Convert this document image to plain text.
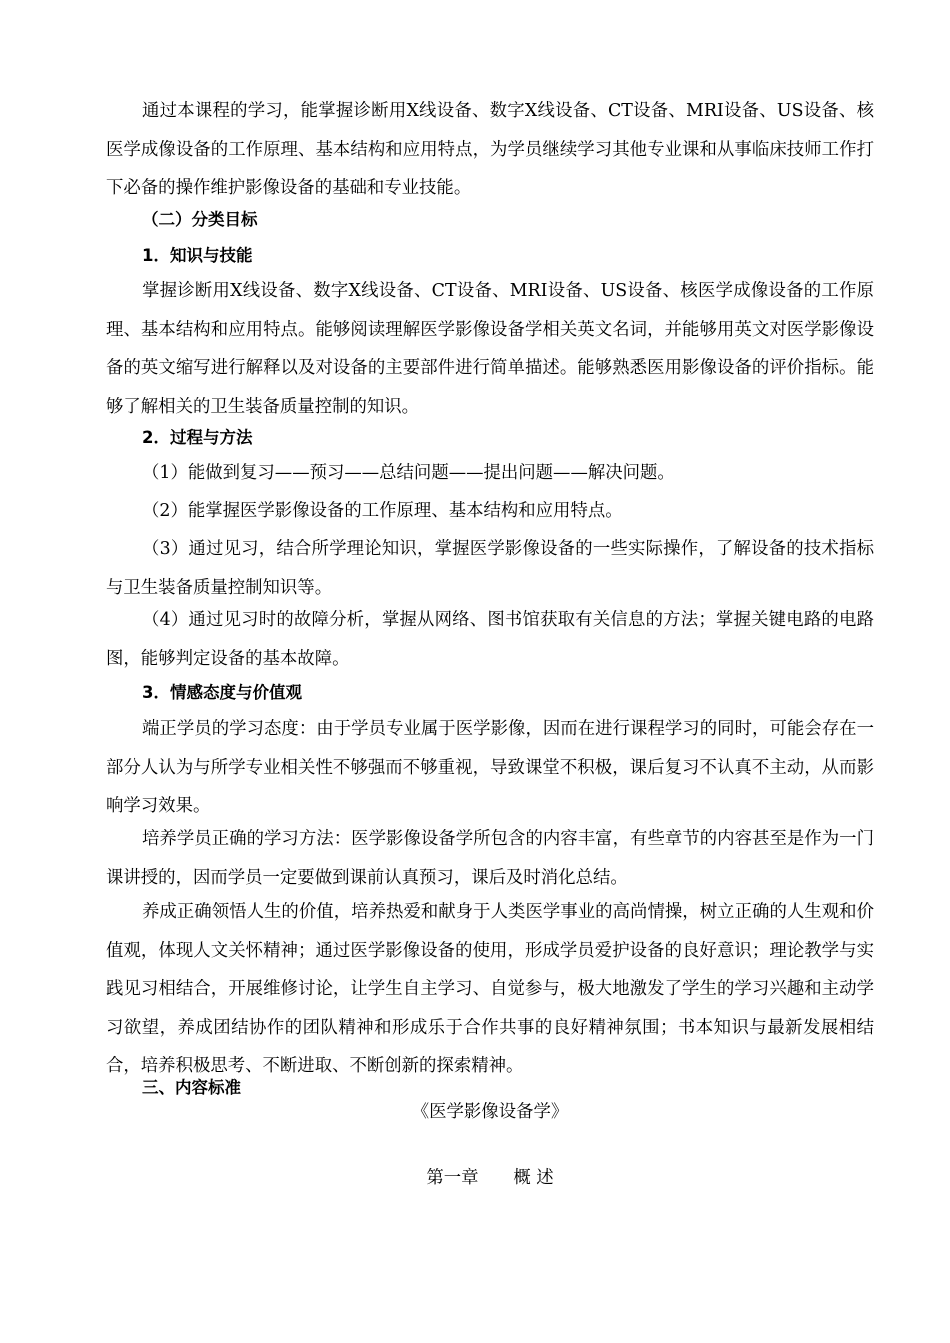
通过本课程的学习，能掌握诊断用X线设备、数字X线设备、CT设备、MRI设备、US设备、核医学成像设备的工作原理、基本结构和应用特点，为学员继续学习其他专业课和从事临床技师工作打下必备的操作维护影像设备的基础和专业技能。

（二）分类目标

1．知识与技能

掌握诊断用X线设备、数字X线设备、CT设备、MRI设备、US设备、核医学成像设备的工作原理、基本结构和应用特点。能够阅读理解医学影像设备学相关英文名词，并能够用英文对医学影像设备的英文缩写进行解释以及对设备的主要部件进行简单描述。能够熟悉医用影像设备的评价指标。能够了解相关的卫生装备质量控制的知识。

2．过程与方法

（1）能做到复习——预习——总结问题——提出问题——解决问题。

（2）能掌握医学影像设备的工作原理、基本结构和应用特点。

（3）通过见习，结合所学理论知识，掌握医学影像设备的一些实际操作，了解设备的技术指标与卫生装备质量控制知识等。

（4）通过见习时的故障分析，掌握从网络、图书馆获取有关信息的方法；掌握关键电路的电路图，能够判定设备的基本故障。

3．情感态度与价值观

端正学员的学习态度：由于学员专业属于医学影像，因而在进行课程学习的同时，可能会存在一部分人认为与所学专业相关性不够强而不够重视，导致课堂不积极，课后复习不认真不主动，从而影响学习效果。

培养学员正确的学习方法：医学影像设备学所包含的内容丰富，有些章节的内容甚至是作为一门课讲授的，因而学员一定要做到课前认真预习，课后及时消化总结。

养成正确领悟人生的价值，培养热爱和献身于人类医学事业的高尚情操，树立正确的人生观和价值观，体现人文关怀精神；通过医学影像设备的使用，形成学员爱护设备的良好意识；理论教学与实践见习相结合，开展维修讨论，让学生自主学习、自觉参与，极大地激发了学生的学习兴趣和主动学习欲望，养成团结协作的团队精神和形成乐于合作共事的良好精神氛围；书本知识与最新发展相结合，培养积极思考、不断进取、不断创新的探索精神。

三、内容标准

《医学影像设备学》

第一章　　概 述
